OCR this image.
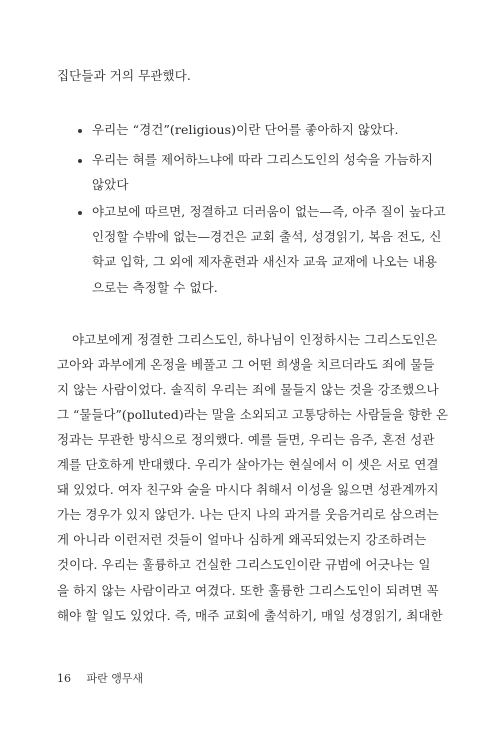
집단들과 거의 무관했다.
우리는 “경건”(religious)이란 단어를 좋아하지 않았다.
우리는 혀를 제어하느냐에 따라 그리스도인의 성숙을 가늠하지
않았다
야고보에 따르면, 정결하고 더러움이 없는—즉, 아주 질이 높다고
인정할 수밖에 없는—경건은 교회 출석, 성경읽기, 복음 전도, 신
학교 입학, 그 외에 제자훈련과 새신자 교육 교재에 나오는 내용
으로는 측정할 수 없다.
야고보에게 정결한 그리스도인, 하나님이 인정하시는 그리스도인은
고아와 과부에게 온정을 베풀고 그 어떤 희생을 치르더라도 죄에 물들
지 않는 사람이었다. 솔직히 우리는 죄에 물들지 않는 것을 강조했으나
그 “물들다”(polluted)라는 말을 소외되고 고통당하는 사람들을 향한 온
정과는 무관한 방식으로 정의했다. 예를 들면, 우리는 음주, 혼전 성관
계를 단호하게 반대했다. 우리가 살아가는 현실에서 이 셋은 서로 연결
돼 있었다. 여자 친구와 술을 마시다 취해서 이성을 잃으면 성관계까지
가는 경우가 있지 않던가. 나는 단지 나의 과거를 웃음거리로 삼으려는
게 아니라 이런저런 것들이 얼마나 심하게 왜곡되었는지 강조하려는
것이다. 우리는 훌륭하고 건실한 그리스도인이란 규범에 어긋나는 일
을 하지 않는 사람이라고 여겼다. 또한 훌륭한 그리스도인이 되려면 꼭
해야 할 일도 있었다. 즉, 매주 교회에 출석하기, 매일 성경읽기, 최대한
16 파란 앵무새
